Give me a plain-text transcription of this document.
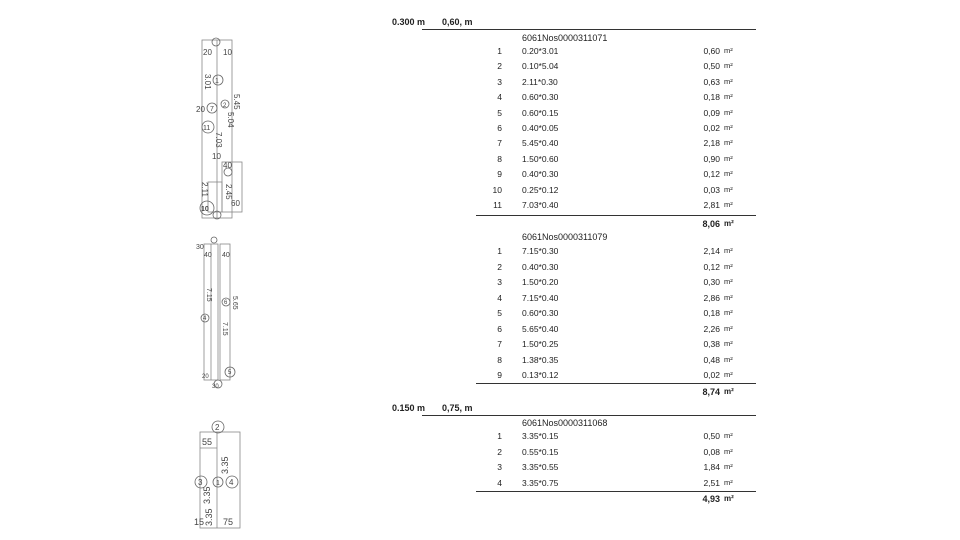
20 10
3.01
5.45
20
5.04
7.03
10
40
2.11
60
2.45
1
7
11
2
10
30
40 40
7.15
5.65
7.15
20
30
4
6
5
55
3.35
3.35
3.35
15 75
2
3 1 4
0.300 m 0,60, m
6061Nos0000311071
1 0.20*3.01	0,60 m²
2 0.10*5.04	0,50 m²
3 2.11*0.30	0,63 m²
4 0.60*0.30	0,18 m²
5 0.60*0.15	0,09 m²
6 0.40*0.05	0,02 m²
7 5.45*0.40	2,18 m²
8 1.50*0.60	0,90 m²
9 0.40*0.30	0,12 m²
10 0.25*0.12	0,03 m²
11 7.03*0.40	2,81 m²
8,06 m²
6061Nos0000311079
1 7.15*0.30	2,14 m²
2 0.40*0.30	0,12 m²
3 1.50*0.20	0,30 m²
4 7.15*0.40	2,86 m²
5 0.60*0.30	0,18 m²
6 5.65*0.40	2,26 m²
7 1.50*0.25	0,38 m²
8 1.38*0.35	0,48 m²
9 0.13*0.12	0,02 m²
8,74 m²
0.150 m 0,75, m
6061Nos0000311068
1 3.35*0.15	0,50 m²
2 0.55*0.15	0,08 m²
3 3.35*0.55	1,84 m²
4 3.35*0.75	2,51 m²
4,93 m²
